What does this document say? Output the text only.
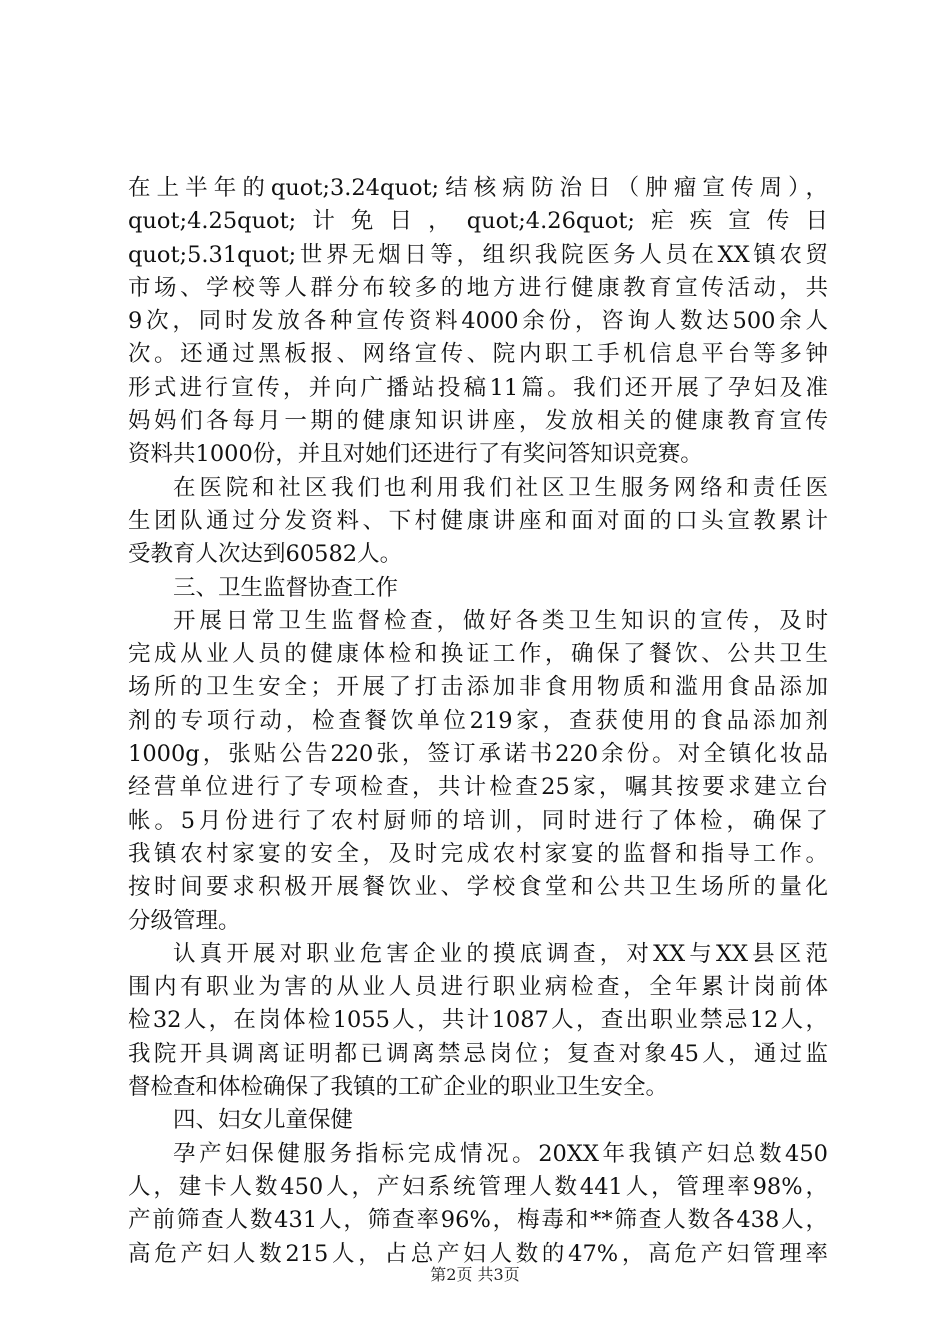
在上半年的quot;3.24quot;结核病防治日（肿瘤宣传周），
quot;4.25quot;计免日，quot;4.26quot;疟疾宣传日
quot;5.31quot;世界无烟日等，组织我院医务人员在XX镇农贸
市场、学校等人群分布较多的地方进行健康教育宣传活动，共
9次，同时发放各种宣传资料4000余份，咨询人数达500余人
次。还通过黑板报、网络宣传、院内职工手机信息平台等多钟
形式进行宣传，并向广播站投稿11篇。我们还开展了孕妇及准
妈妈们各每月一期的健康知识讲座，发放相关的健康教育宣传
资料共1000份，并且对她们还进行了有奖问答知识竞赛。
在医院和社区我们也利用我们社区卫生服务网络和责任医
生团队通过分发资料、下村健康讲座和面对面的口头宣教累计
受教育人次达到60582人。
三、卫生监督协查工作
开展日常卫生监督检查，做好各类卫生知识的宣传，及时
完成从业人员的健康体检和换证工作，确保了餐饮、公共卫生
场所的卫生安全；开展了打击添加非食用物质和滥用食品添加
剂的专项行动，检查餐饮单位219家，查获使用的食品添加剂
1000g，张贴公告220张，签订承诺书220余份。对全镇化妆品
经营单位进行了专项检查，共计检查25家，嘱其按要求建立台
帐。5月份进行了农村厨师的培训，同时进行了体检，确保了
我镇农村家宴的安全，及时完成农村家宴的监督和指导工作。
按时间要求积极开展餐饮业、学校食堂和公共卫生场所的量化
分级管理。
认真开展对职业危害企业的摸底调查，对XX与XX县区范
围内有职业为害的从业人员进行职业病检查，全年累计岗前体
检32人，在岗体检1055人，共计1087人，查出职业禁忌12人，
我院开具调离证明都已调离禁忌岗位；复查对象45人，通过监
督检查和体检确保了我镇的工矿企业的职业卫生安全。
四、妇女儿童保健
孕产妇保健服务指标完成情况。20XX年我镇产妇总数450
人，建卡人数450人，产妇系统管理人数441人，管理率98%，
产前筛查人数431人，筛查率96%，梅毒和**筛查人数各438人，
高危产妇人数215人，占总产妇人数的47%，高危产妇管理率
第2页 共3页
